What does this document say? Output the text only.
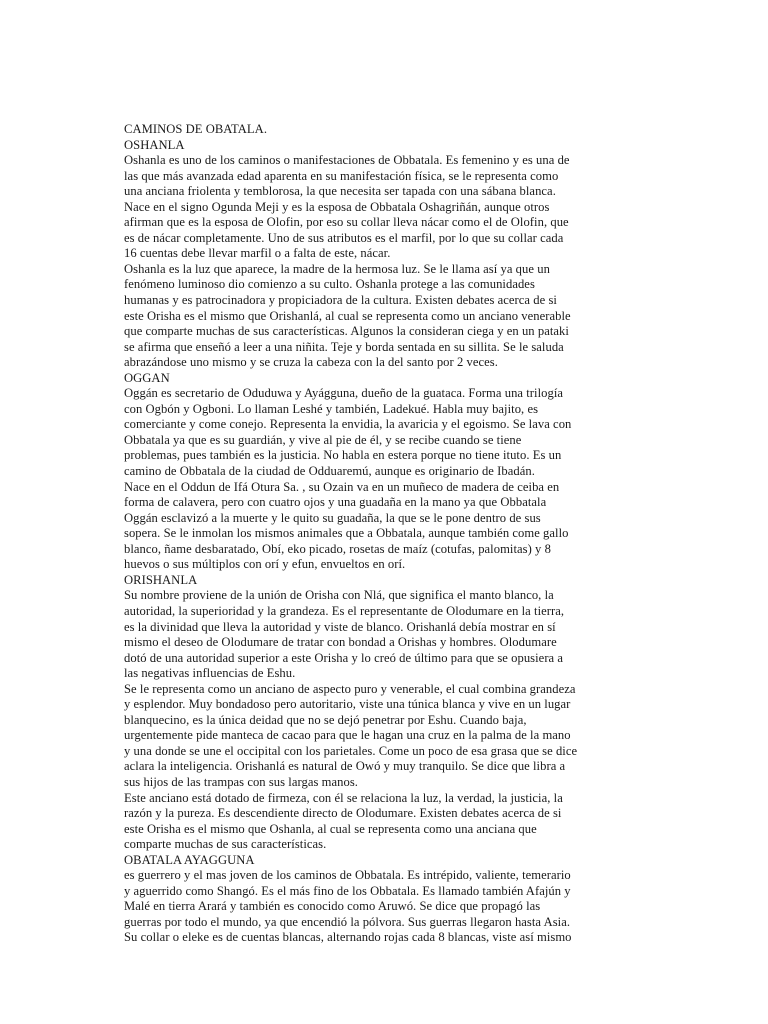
CAMINOS DE OBATALA.
OSHANLA
Oshanla es uno de los caminos o manifestaciones de Obbatala. Es femenino y es una de
las que más avanzada edad aparenta en su manifestación física, se le representa como
una anciana friolenta y temblorosa, la que necesita ser tapada con una sábana blanca.
Nace en el signo Ogunda Meji y es la esposa de Obbatala Oshagriñán, aunque otros
afirman que es la esposa de Olofin, por eso su collar lleva nácar como el de Olofin, que
es de nácar completamente. Uno de sus atributos es el marfil, por lo que su collar cada
16 cuentas debe llevar marfil o a falta de este, nácar.
Oshanla es la luz que aparece, la madre de la hermosa luz. Se le llama así ya que un
fenómeno luminoso dio comienzo a su culto. Oshanla protege a las comunidades
humanas y es patrocinadora y propiciadora de la cultura. Existen debates acerca de si
este Orisha es el mismo que Orishanlá, al cual se representa como un anciano venerable
que comparte muchas de sus características. Algunos la consideran ciega y en un pataki
se afirma que enseñó a leer a una niñita. Teje y borda sentada en su sillita. Se le saluda
abrazándose uno mismo y se cruza la cabeza con la del santo por 2 veces.
OGGAN
Oggán es secretario de Oduduwa y Ayágguna, dueño de la guataca. Forma una trilogía
con Ogbón y Ogboni. Lo llaman Leshé y también, Ladekué. Habla muy bajito, es
comerciante y come conejo. Representa la envidia, la avaricia y el egoismo. Se lava con
Obbatala ya que es su guardián, y vive al pie de él, y se recibe cuando se tiene
problemas, pues también es la justicia. No habla en estera porque no tiene ituto. Es un
camino de Obbatala de la ciudad de Odduaremú, aunque es originario de Ibadán.
Nace en el Oddun de Ifá Otura Sa. , su Ozain va en un muñeco de madera de ceiba en
forma de calavera, pero con cuatro ojos y una guadaña en la mano ya que Obbatala
Oggán esclavizó a la muerte y le quito su guadaña, la que se le pone dentro de sus
sopera. Se le inmolan los mismos animales que a Obbatala, aunque también come gallo
blanco, ñame desbaratado, Obí, eko picado, rosetas de maíz (cotufas, palomitas) y 8
huevos o sus múltiplos con orí y efun, envueltos en orí.
ORISHANLA
Su nombre proviene de la unión de Orisha con Nlá, que significa el manto blanco, la
autoridad, la superioridad y la grandeza. Es el representante de Olodumare en la tierra,
es la divinidad que lleva la autoridad y viste de blanco. Orishanlá debía mostrar en sí
mismo el deseo de Olodumare de tratar con bondad a Orishas y hombres. Olodumare
dotó de una autoridad superior a este Orisha y lo creó de último para que se opusiera a
las negativas influencias de Eshu.
Se le representa como un anciano de aspecto puro y venerable, el cual combina grandeza
y esplendor. Muy bondadoso pero autoritario, viste una túnica blanca y vive en un lugar
blanquecino, es la única deidad que no se dejó penetrar por Eshu. Cuando baja,
urgentemente pide manteca de cacao para que le hagan una cruz en la palma de la mano
y una donde se une el occipital con los parietales. Come un poco de esa grasa que se dice
aclara la inteligencia. Orishanlá es natural de Owó y muy tranquilo. Se dice que libra a
sus hijos de las trampas con sus largas manos.
Este anciano está dotado de firmeza, con él se relaciona la luz, la verdad, la justicia, la
razón y la pureza. Es descendiente directo de Olodumare. Existen debates acerca de si
este Orisha es el mismo que Oshanla, al cual se representa como una anciana que
comparte muchas de sus características.
OBATALA AYAGGUNA
es guerrero y el mas joven de los caminos de Obbatala. Es intrépido, valiente, temerario
y aguerrido como Shangó. Es el más fino de los Obbatala. Es llamado también Afajún y
Malé en tierra Arará y también es conocido como Aruwó. Se dice que propagó las
guerras por todo el mundo, ya que encendió la pólvora. Sus guerras llegaron hasta Asia.
Su collar o eleke es de cuentas blancas, alternando rojas cada 8 blancas, viste así mismo
